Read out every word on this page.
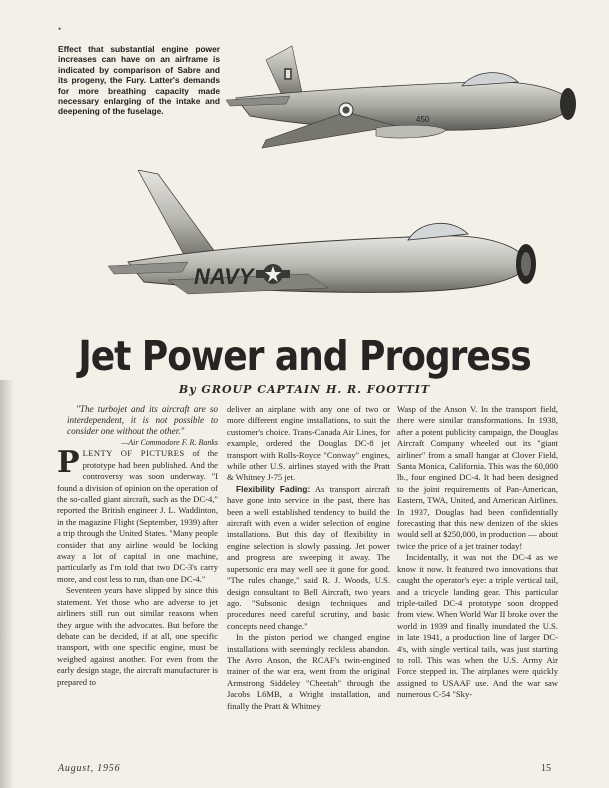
•
Effect that substantial engine power increases can have on an airframe is indicated by comparison of Sabre and its progeny, the Fury. Latter's demands for more breathing capacity made necessary enlarging of the intake and deepening of the fuselage.
450
NAVY
Jet Power and Progress
By GROUP CAPTAIN H. R. FOOTTIT

"The turbojet and its aircraft are so interdependent, it is not possible to consider one without the other."

—Air Commodore F. R. Banks

PLENTY OF PICTURES of the prototype had been published. And the controversy was soon underway. "I found a division of opinion on the operation of the so-called giant aircraft, such as the DC-4," reported the British engineer J. L. Waddinton, in the magazine Flight (September, 1939) after a trip through the United States. "Many people consider that any airline would be locking away a lot of capital in one machine, particularly as I'm told that two DC-3's carry more, and cost less to run, than one DC-4."

Seventeen years have slipped by since this statement. Yet those who are adverse to jet airliners still run out similar reasons when they argue with the advocates. But before the debate can be decided, if at all, one specific transport, with one specific engine, must be weighed against another. For even from the early design stage, the aircraft manufacturer is prepared to

deliver an airplane with any one of two or more different engine installations, to suit the customer's choice. Trans-Canada Air Lines, for example, ordered the Douglas DC-8 jet transport with Rolls-Royce "Conway" engines, while other U.S. airlines stayed with the Pratt & Whitney J-75 jet.

Flexibility Fading: As transport aircraft have gone into service in the past, there has been a well established tendency to build the aircraft with even a wider selection of engine installations. But this day of flexibility in engine selection is slowly passing. Jet power and progress are sweeping it away. The supersonic era may well see it gone for good. "The rules change," said R. J. Woods, U.S. design consultant to Bell Aircraft, two years ago. "Subsonic design techniques and procedures need careful scrutiny, and basic concepts need change."

In the piston period we changed engine installations with seemingly reckless abandon. The Avro Anson, the RCAF's twin-engined trainer of the war era, went from the original Armstrong Siddeley "Cheetah" through the Jacobs L6MB, a Wright installation, and finally the Pratt & Whitney

Wasp of the Anson V. In the transport field, there were similar transformations. In 1938, after a potent publicity campaign, the Douglas Aircraft Company wheeled out its "giant airliner" from a small hangar at Clover Field, Santa Monica, California. This was the 60,000 lb., four engined DC-4. It had been designed to the joint requirements of Pan-American, Eastern, TWA, United, and American Airlines. In 1937, Douglas had been confidentially forecasting that this new denizen of the skies would sell at $250,000, in production — about twice the price of a jet trainer today!

Incidentally, it was not the DC-4 as we know it now. It featured two innovations that caught the operator's eye: a triple vertical tail, and a tricycle landing gear. This particular triple-tailed DC-4 prototype soon dropped from view. When World War II broke over the world in 1939 and finally inundated the U.S. in late 1941, a production line of larger DC-4's, with single vertical tails, was just starting to roll. This was when the U.S. Army Air Force stepped in. The airplanes were quickly assigned to USAAF use. And the war saw numerous C-54 "Sky-

August, 1956	15
